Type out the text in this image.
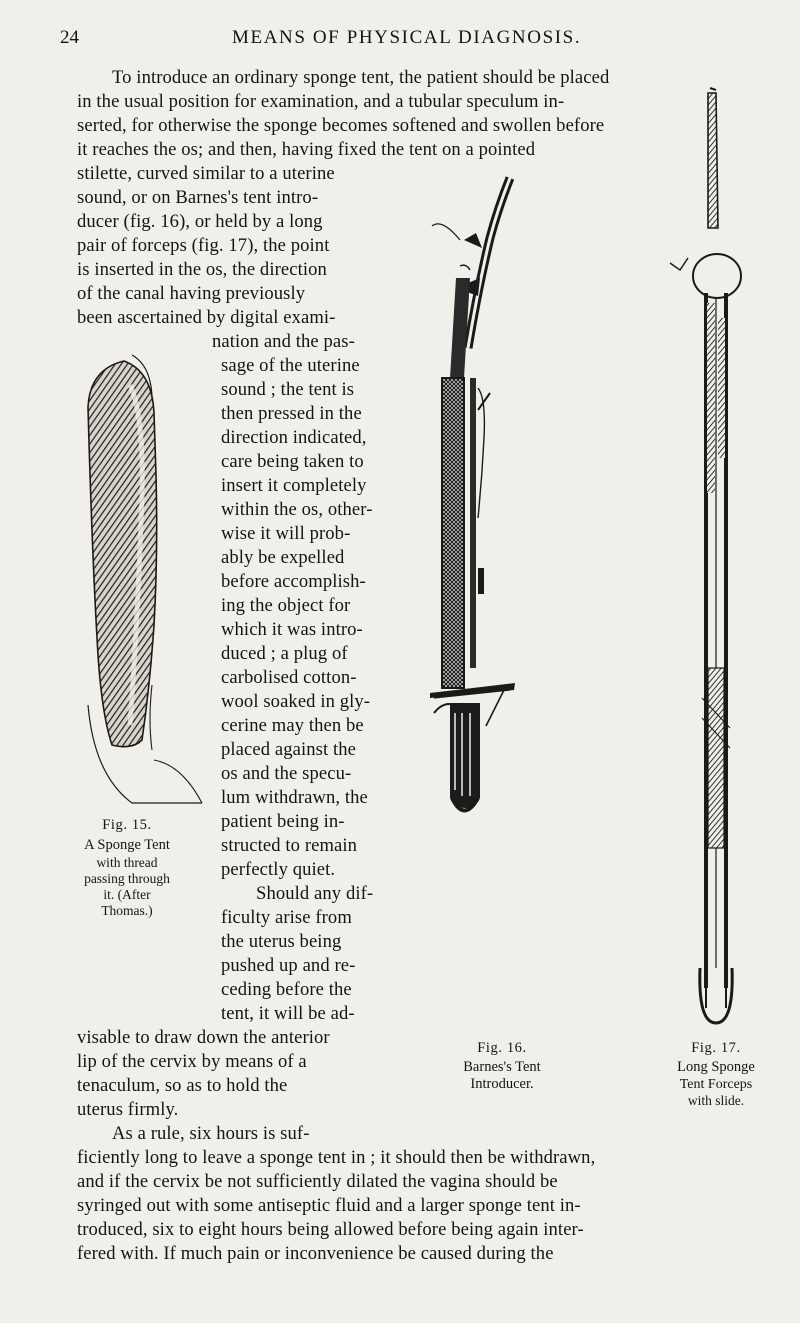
24	MEANS OF PHYSICAL DIAGNOSIS.
To introduce an ordinary sponge tent, the patient should be placed
in the usual position for examination, and a tubular speculum in-
serted, for otherwise the sponge becomes softened and swollen before
it reaches the os; and then, having fixed the tent on a pointed
stilette, curved similar to a uterine
sound, or on Barnes's tent intro-
ducer (fig. 16), or held by a long
pair of forceps (fig. 17), the point
is inserted in the os, the direction
of the canal having previously
been ascertained by digital exami-
nation and the pas-
sage of the uterine
sound ; the tent is
then pressed in the
direction indicated,
care being taken to
insert it completely
within the os, other-
wise it will prob-
ably be expelled
before accomplish-
ing the object for
which it was intro-
duced ; a plug of
carbolised cotton-
wool soaked in gly-
cerine may then be
placed against the
os and the specu-
lum withdrawn, the
patient being in-
structed to remain
perfectly quiet.
Should any dif-
ficulty arise from
the uterus being
pushed up and re-
ceding before the
tent, it will be ad-
visable to draw down the anterior
lip of the cervix by means of a
tenaculum, so as to hold the
uterus firmly.
As a rule, six hours is suf-
ficiently long to leave a sponge tent in ; it should then be withdrawn,
and if the cervix be not sufficiently dilated the vagina should be
syringed out with some antiseptic fluid and a larger sponge tent in-
troduced, six to eight hours being allowed before being again inter-
fered with. If much pain or inconvenience be caused during the
Fig. 15.
A Sponge Tent
with thread
passing through
it. (After
Thomas.)
Fig. 16.
Barnes's Tent
Introducer.
Fig. 17.
Long Sponge
Tent Forceps
with slide.
